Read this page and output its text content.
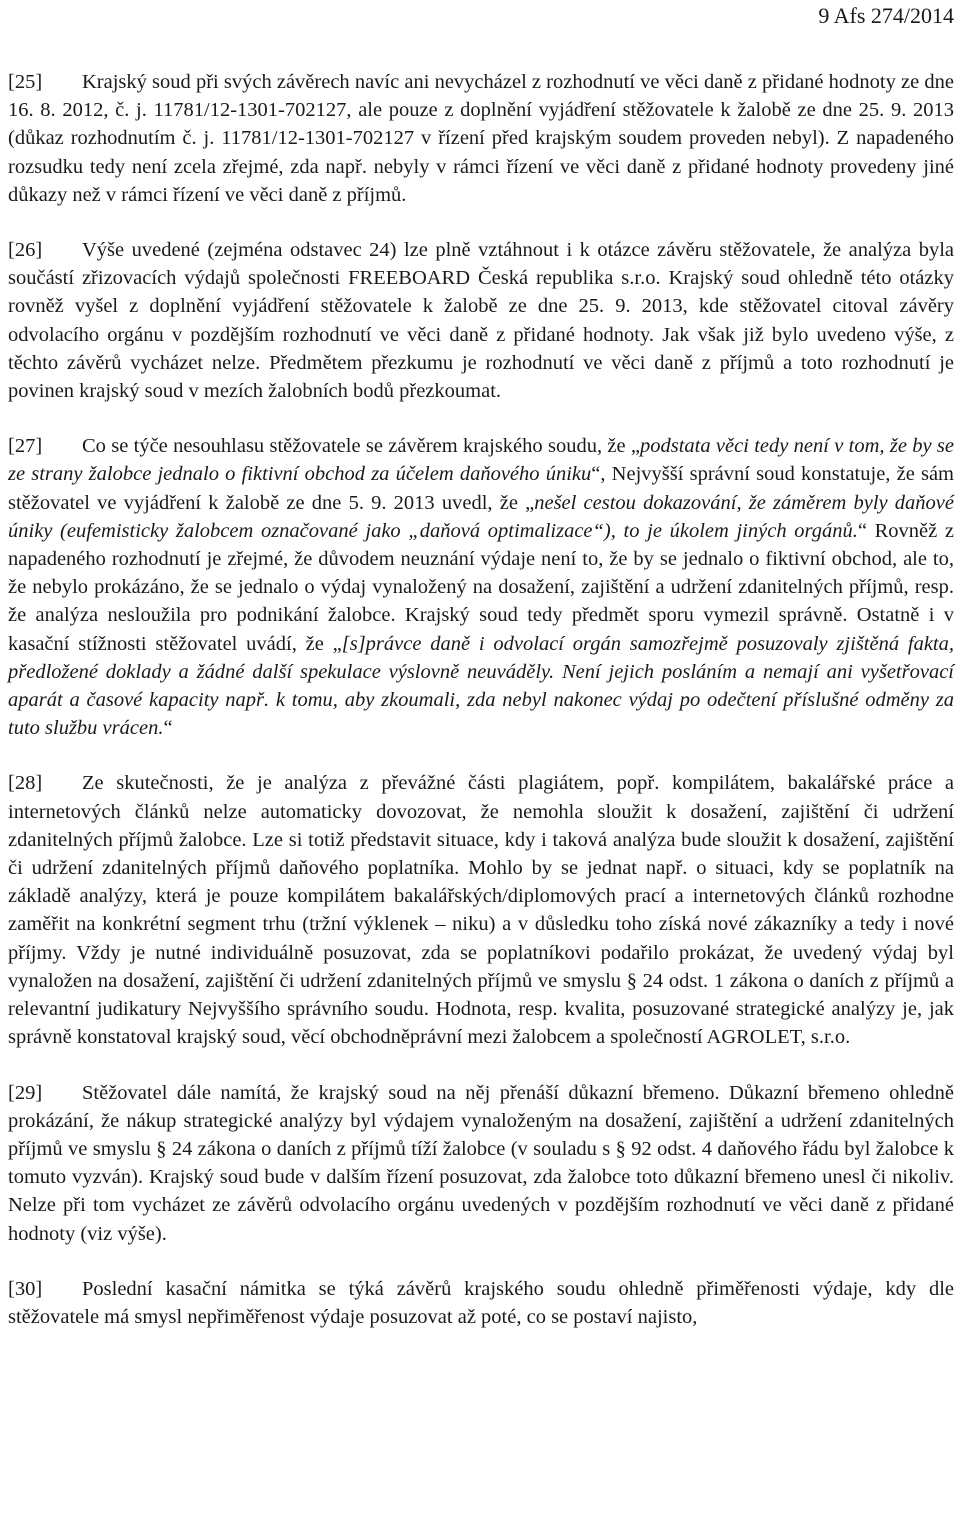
9 Afs 274/2014

[25] Krajský soud při svých závěrech navíc ani nevycházel z rozhodnutí ve věci daně z přidané hodnoty ze dne 16. 8. 2012, č. j. 11781/12-1301-702127, ale pouze z doplnění vyjádření stěžovatele k žalobě ze dne 25. 9. 2013 (důkaz rozhodnutím č. j. 11781/12-1301-702127 v řízení před krajským soudem proveden nebyl). Z napadeného rozsudku tedy není zcela zřejmé, zda např. nebyly v rámci řízení ve věci daně z přidané hodnoty provedeny jiné důkazy než v rámci řízení ve věci daně z příjmů.

[26] Výše uvedené (zejména odstavec 24) lze plně vztáhnout i k otázce závěru stěžovatele, že analýza byla součástí zřizovacích výdajů společnosti FREEBOARD Česká republika s.r.o. Krajský soud ohledně této otázky rovněž vyšel z doplnění vyjádření stěžovatele k žalobě ze dne 25. 9. 2013, kde stěžovatel citoval závěry odvolacího orgánu v pozdějším rozhodnutí ve věci daně z přidané hodnoty. Jak však již bylo uvedeno výše, z těchto závěrů vycházet nelze. Předmětem přezkumu je rozhodnutí ve věci daně z příjmů a toto rozhodnutí je povinen krajský soud v mezích žalobních bodů přezkoumat.

[27] Co se týče nesouhlasu stěžovatele se závěrem krajského soudu, že „podstata věci tedy není v tom, že by se ze strany žalobce jednalo o fiktivní obchod za účelem daňového úniku“, Nejvyšší správní soud konstatuje, že sám stěžovatel ve vyjádření k žalobě ze dne 5. 9. 2013 uvedl, že „nešel cestou dokazování, že záměrem byly daňové úniky (eufemisticky žalobcem označované jako „daňová optimalizace“), to je úkolem jiných orgánů.“ Rovněž z napadeného rozhodnutí je zřejmé, že důvodem neuznání výdaje není to, že by se jednalo o fiktivní obchod, ale to, že nebylo prokázáno, že se jednalo o výdaj vynaložený na dosažení, zajištění a udržení zdanitelných příjmů, resp. že analýza nesloužila pro podnikání žalobce. Krajský soud tedy předmět sporu vymezil správně. Ostatně i v kasační stížnosti stěžovatel uvádí, že „[s]právce daně i odvolací orgán samozřejmě posuzovaly zjištěná fakta, předložené doklady a žádné další spekulace výslovně neuváděly. Není jejich posláním a nemají ani vyšetřovací aparát a časové kapacity např. k tomu, aby zkoumali, zda nebyl nakonec výdaj po odečtení příslušné odměny za tuto službu vrácen.“

[28] Ze skutečnosti, že je analýza z převážné části plagiátem, popř. kompilátem, bakalářské práce a internetových článků nelze automaticky dovozovat, že nemohla sloužit k dosažení, zajištění či udržení zdanitelných příjmů žalobce. Lze si totiž představit situace, kdy i taková analýza bude sloužit k dosažení, zajištění či udržení zdanitelných příjmů daňového poplatníka. Mohlo by se jednat např. o situaci, kdy se poplatník na základě analýzy, která je pouze kompilátem bakalářských/diplomových prací a internetových článků rozhodne zaměřit na konkrétní segment trhu (tržní výklenek – niku) a v důsledku toho získá nové zákazníky a tedy i nové příjmy. Vždy je nutné individuálně posuzovat, zda se poplatníkovi podařilo prokázat, že uvedený výdaj byl vynaložen na dosažení, zajištění či udržení zdanitelných příjmů ve smyslu § 24 odst. 1 zákona o daních z příjmů a relevantní judikatury Nejvyššího správního soudu. Hodnota, resp. kvalita, posuzované strategické analýzy je, jak správně konstatoval krajský soud, věcí obchodněprávní mezi žalobcem a společností AGROLET, s.r.o.

[29] Stěžovatel dále namítá, že krajský soud na něj přenáší důkazní břemeno. Důkazní břemeno ohledně prokázání, že nákup strategické analýzy byl výdajem vynaloženým na dosažení, zajištění a udržení zdanitelných příjmů ve smyslu § 24 zákona o daních z příjmů tíží žalobce (v souladu s § 92 odst. 4 daňového řádu byl žalobce k tomuto vyzván). Krajský soud bude v dalším řízení posuzovat, zda žalobce toto důkazní břemeno unesl či nikoliv. Nelze při tom vycházet ze závěrů odvolacího orgánu uvedených v pozdějším rozhodnutí ve věci daně z přidané hodnoty (viz výše).

[30] Poslední kasační námitka se týká závěrů krajského soudu ohledně přiměřenosti výdaje, kdy dle stěžovatele má smysl nepřiměřenost výdaje posuzovat až poté, co se postaví najisto,
